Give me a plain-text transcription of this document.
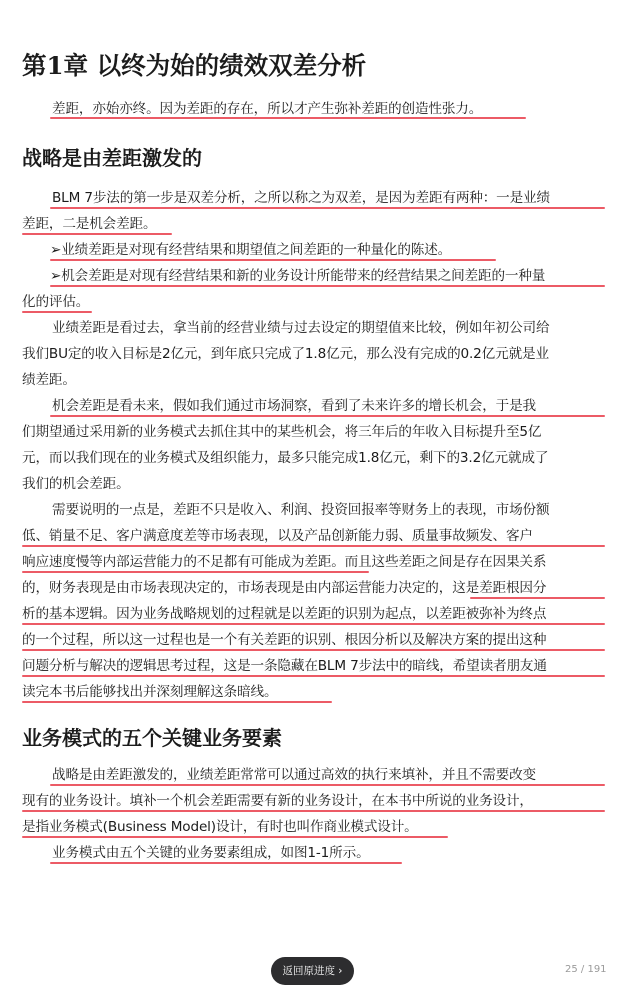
第1章 以终为始的绩效双差分析
差距，亦始亦终。因为差距的存在，所以才产生弥补差距的创造性张力。
战略是由差距激发的
BLM 7步法的第一步是双差分析，之所以称之为双差，是因为差距有两种：一是业绩
差距，二是机会差距。
➢业绩差距是对现有经营结果和期望值之间差距的一种量化的陈述。
➢机会差距是对现有经营结果和新的业务设计所能带来的经营结果之间差距的一种量
化的评估。
业绩差距是看过去，拿当前的经营业绩与过去设定的期望值来比较，例如年初公司给
我们BU定的收入目标是2亿元，到年底只完成了1.8亿元，那么没有完成的0.2亿元就是业
绩差距。
机会差距是看未来，假如我们通过市场洞察，看到了未来许多的增长机会，于是我
们期望通过采用新的业务模式去抓住其中的某些机会，将三年后的年收入目标提升至5亿
元，而以我们现在的业务模式及组织能力，最多只能完成1.8亿元，剩下的3.2亿元就成了
我们的机会差距。
需要说明的一点是，差距不只是收入、利润、投资回报率等财务上的表现，市场份额
低、销量不足、客户满意度差等市场表现，以及产品创新能力弱、质量事故频发、客户
响应速度慢等内部运营能力的不足都有可能成为差距。而且这些差距之间是存在因果关系
的，财务表现是由市场表现决定的，市场表现是由内部运营能力决定的，这是差距根因分
析的基本逻辑。因为业务战略规划的过程就是以差距的识别为起点，以差距被弥补为终点
的一个过程，所以这一过程也是一个有关差距的识别、根因分析以及解决方案的提出这种
问题分析与解决的逻辑思考过程，这是一条隐藏在BLM 7步法中的暗线，希望读者朋友通
读完本书后能够找出并深刻理解这条暗线。
业务模式的五个关键业务要素
战略是由差距激发的，业绩差距常常可以通过高效的执行来填补，并且不需要改变
现有的业务设计。填补一个机会差距需要有新的业务设计，在本书中所说的业务设计，
是指业务模式(Business Model)设计，有时也叫作商业模式设计。
业务模式由五个关键的业务要素组成，如图1-1所示。
返回原进度 ›	25 / 191
